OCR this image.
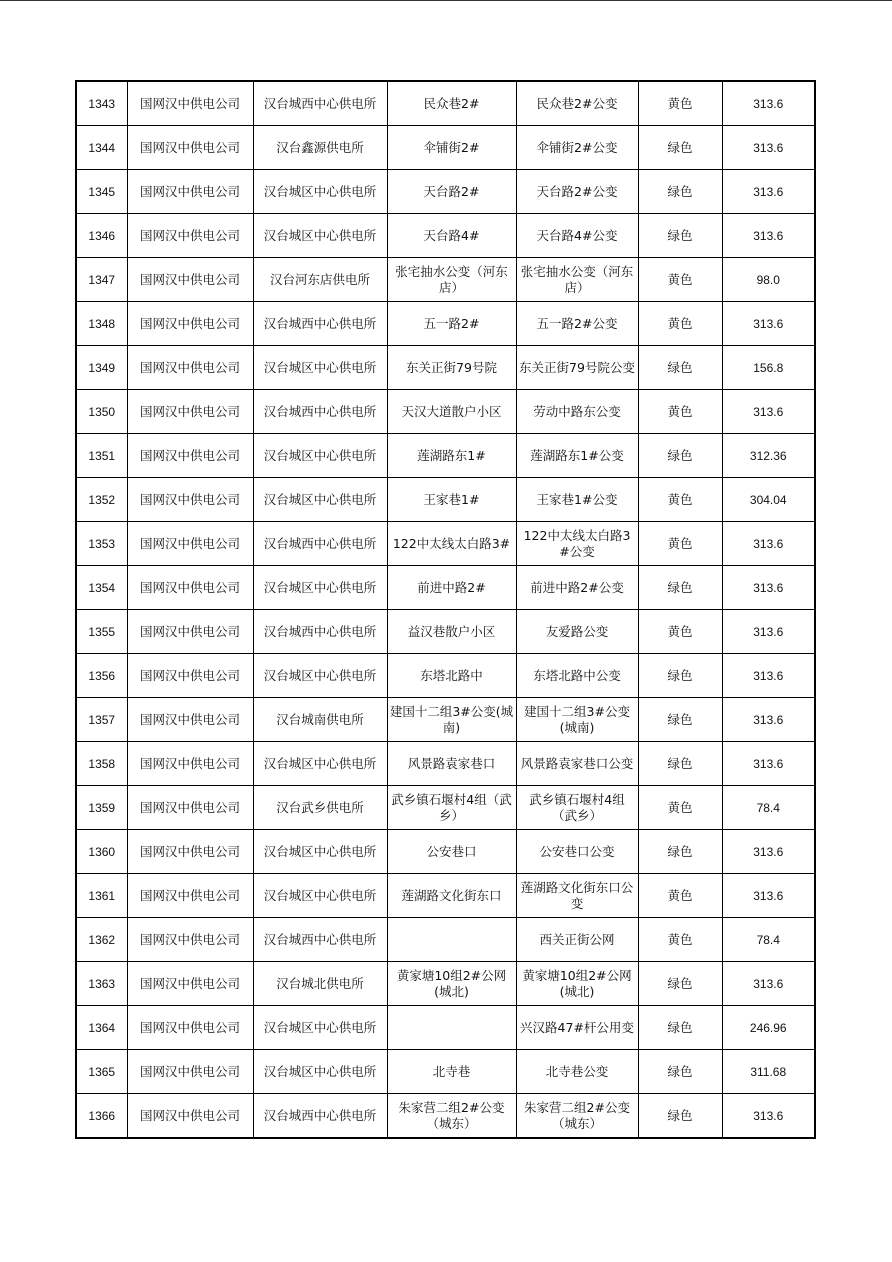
1343	国网汉中供电公司	汉台城西中心供电所	民众巷2#	民众巷2#公变	黄色	313.6
1344	国网汉中供电公司	汉台鑫源供电所	伞铺街2#	伞铺街2#公变	绿色	313.6
1345	国网汉中供电公司	汉台城区中心供电所	天台路2#	天台路2#公变	绿色	313.6
1346	国网汉中供电公司	汉台城区中心供电所	天台路4#	天台路4#公变	绿色	313.6
1347	国网汉中供电公司	汉台河东店供电所	张宅抽水公变（河东店）	张宅抽水公变（河东店）	黄色	98.0
1348	国网汉中供电公司	汉台城西中心供电所	五一路2#	五一路2#公变	黄色	313.6
1349	国网汉中供电公司	汉台城区中心供电所	东关正街79号院	东关正街79号院公变	绿色	156.8
1350	国网汉中供电公司	汉台城西中心供电所	天汉大道散户小区	劳动中路东公变	黄色	313.6
1351	国网汉中供电公司	汉台城区中心供电所	莲湖路东1#	莲湖路东1#公变	绿色	312.36
1352	国网汉中供电公司	汉台城区中心供电所	王家巷1#	王家巷1#公变	黄色	304.04
1353	国网汉中供电公司	汉台城西中心供电所	122中太线太白路3#	122中太线太白路3#公变	黄色	313.6
1354	国网汉中供电公司	汉台城区中心供电所	前进中路2#	前进中路2#公变	绿色	313.6
1355	国网汉中供电公司	汉台城西中心供电所	益汉巷散户小区	友爱路公变	黄色	313.6
1356	国网汉中供电公司	汉台城区中心供电所	东塔北路中	东塔北路中公变	绿色	313.6
1357	国网汉中供电公司	汉台城南供电所	建国十二组3#公变(城南)	建国十二组3#公变(城南)	绿色	313.6
1358	国网汉中供电公司	汉台城区中心供电所	风景路袁家巷口	风景路袁家巷口公变	绿色	313.6
1359	国网汉中供电公司	汉台武乡供电所	武乡镇石堰村4组（武乡）	武乡镇石堰村4组（武乡）	黄色	78.4
1360	国网汉中供电公司	汉台城区中心供电所	公安巷口	公安巷口公变	绿色	313.6
1361	国网汉中供电公司	汉台城区中心供电所	莲湖路文化街东口	莲湖路文化街东口公变	黄色	313.6
1362	国网汉中供电公司	汉台城西中心供电所		西关正街公网	黄色	78.4
1363	国网汉中供电公司	汉台城北供电所	黄家塘10组2#公网(城北)	黄家塘10组2#公网(城北)	绿色	313.6
1364	国网汉中供电公司	汉台城区中心供电所		兴汉路47#杆公用变	绿色	246.96
1365	国网汉中供电公司	汉台城区中心供电所	北寺巷	北寺巷公变	绿色	311.68
1366	国网汉中供电公司	汉台城西中心供电所	朱家营二组2#公变（城东）	朱家营二组2#公变（城东）	绿色	313.6
